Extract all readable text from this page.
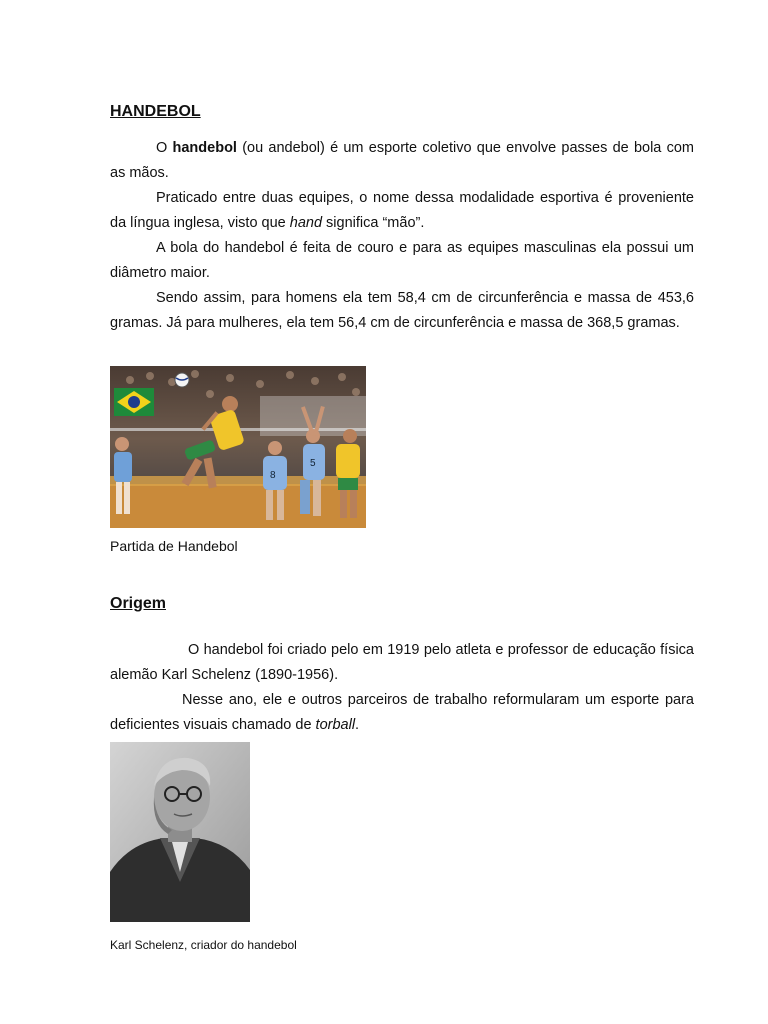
HANDEBOL

O handebol (ou andebol) é um esporte coletivo que envolve passes de bola com as mãos.

Praticado entre duas equipes, o nome dessa modalidade esportiva é proveniente da língua inglesa, visto que hand significa “mão”.

A bola do handebol é feita de couro e para as equipes masculinas ela possui um diâmetro maior.

Sendo assim, para homens ela tem 58,4 cm de circunferência e massa de 453,6 gramas. Já para mulheres, ela tem 56,4 cm de circunferência e massa de 368,5 gramas.

8
5
Partida de Handebol
Origem

O handebol foi criado pelo em 1919 pelo atleta e professor de educação física alemão Karl Schelenz (1890-1956).

Nesse ano, ele e outros parceiros de trabalho reformularam um esporte para deficientes visuais chamado de torball.

Karl Schelenz, criador do handebol
